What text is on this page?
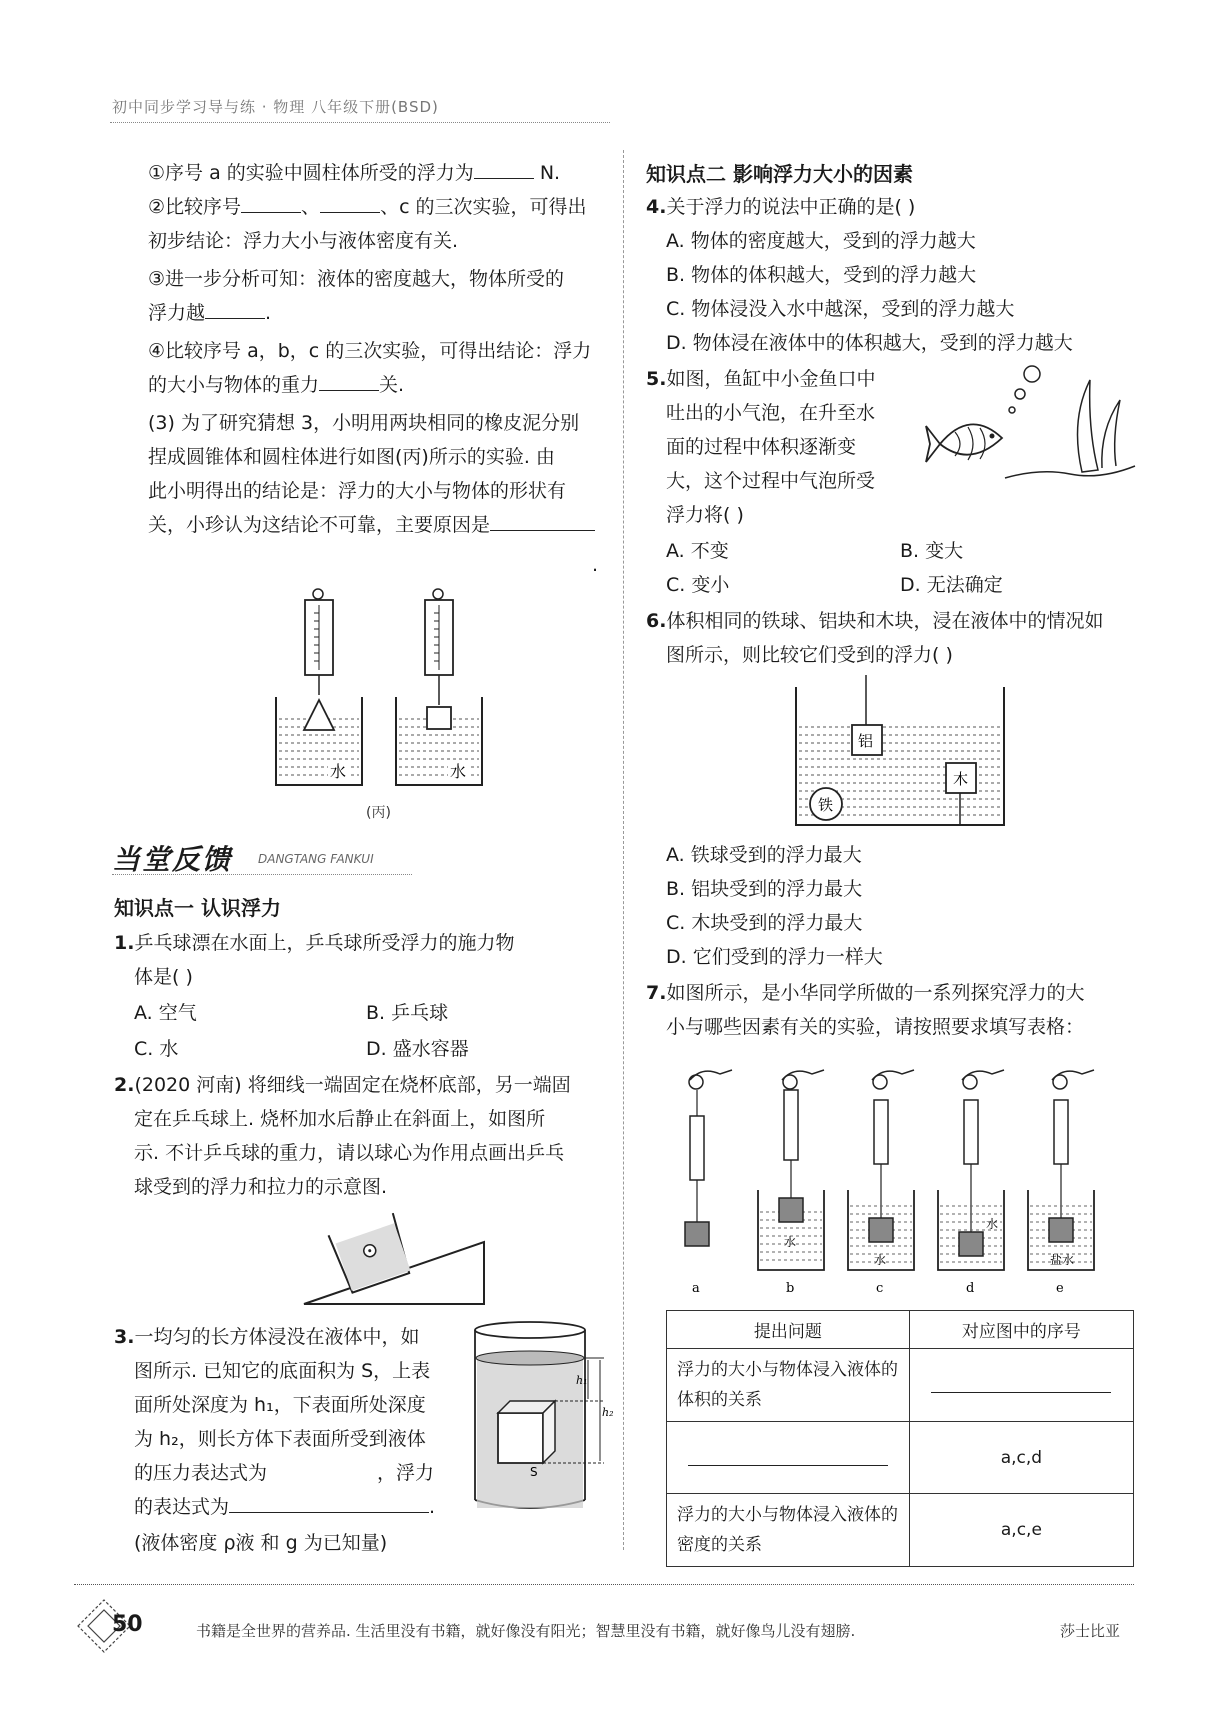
初中同步学习导与练 · 物理 八年级下册(BSD)
①序号 a 的实验中圆柱体所受的浮力为	N.
②比较序号	、	、c 的三次实验，可得出
初步结论：浮力大小与液体密度有关.
③进一步分析可知：液体的密度越大，物体所受的
浮力越	.
④比较序号 a，b，c 的三次实验，可得出结论：浮力
的大小与物体的重力	关.
(3) 为了研究猜想 3，小明用两块相同的橡皮泥分别
捏成圆锥体和圆柱体进行如图(丙)所示的实验. 由
此小明得出的结论是：浮力的大小与物体的形状有
关，小珍认为这结论不可靠，主要原因是
.
水	水
(丙)
当堂反馈 DANGTANG FANKUI
知识点一 认识浮力
1.乒乓球漂在水面上，乒乓球所受浮力的施力物
体是( )
A. 空气	B. 乒乓球
C. 水	D. 盛水容器
2.(2020 河南) 将细线一端固定在烧杯底部，另一端固
定在乒乓球上. 烧杯加水后静止在斜面上，如图所
示. 不计乒乓球的重力，请以球心为作用点画出乒乓
球受到的浮力和拉力的示意图.
3.一均匀的长方体浸没在液体中，如
图所示. 已知它的底面积为 S，上表
面所处深度为 h₁，下表面所处深度
为 h₂，则长方体下表面所受到液体
的压力表达式为	，浮力
的表达式为	.
(液体密度 ρ液 和 g 为已知量)
h₁
h₂
S
知识点二 影响浮力大小的因素
4.关于浮力的说法中正确的是( )
A. 物体的密度越大，受到的浮力越大
B. 物体的体积越大，受到的浮力越大
C. 物体浸没入水中越深，受到的浮力越大
D. 物体浸在液体中的体积越大，受到的浮力越大
5.如图，鱼缸中小金鱼口中
吐出的小气泡，在升至水
面的过程中体积逐渐变
大，这个过程中气泡所受
浮力将( )
A. 不变	B. 变大
C. 变小	D. 无法确定
6.体积相同的铁球、铝块和木块，浸在液体中的情况如
图所示，则比较它们受到的浮力( )
铝
木
铁
A. 铁球受到的浮力最大
B. 铝块受到的浮力最大
C. 木块受到的浮力最大
D. 它们受到的浮力一样大
7.如图所示，是小华同学所做的一系列探究浮力的大
小与哪些因素有关的实验，请按照要求填写表格：
水
水
水
盐水
a	b	c	d	e
提出问题	对应图中的序号
浮力的大小与物体浸入液体的体积的关系	
	a,c,d
浮力的大小与物体浸入液体的密度的关系	a,c,e
50	书籍是全世界的营养品. 生活里没有书籍，就好像没有阳光；智慧里没有书籍，就好像鸟儿没有翅膀.	莎士比亚
